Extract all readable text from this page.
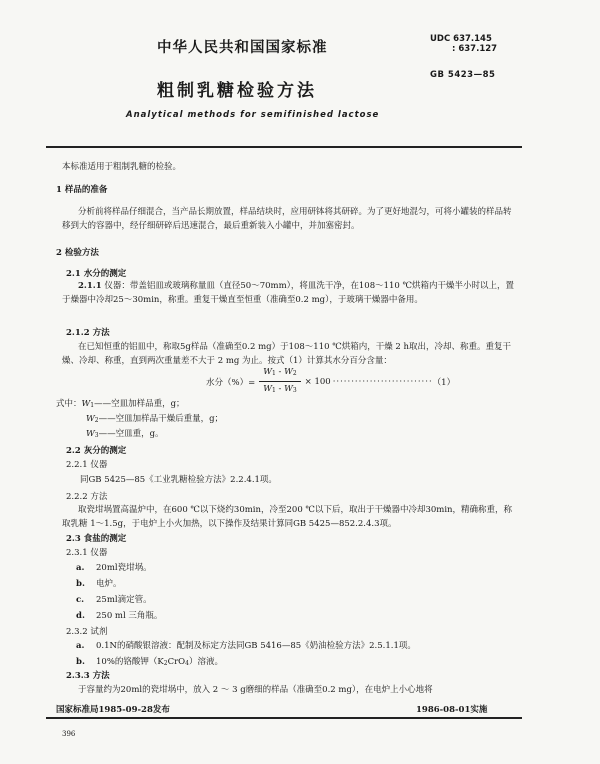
中华人民共和国国家标准	UDC 637.145
: 637.127
粗制乳糖检验方法
GB 5423—85
Analytical methods for semifinished lactose
本标准适用于粗制乳糖的检验。
1 样品的准备
分析前将样品仔细混合，当产品长期放置，样品结块时，应用研钵将其研碎。为了更好地混匀，可将小罐装的样品转移到大的容器中，经仔细研碎后迅速混合，最后重新装入小罐中，并加塞密封。
2 检验方法
2.1 水分的测定
2.1.1 仪器：带盖铝皿或玻璃称量皿（直径50～70mm），将皿洗干净，在108～110 ℃烘箱内干燥半小时以上，置于燥器中冷却25～30min，称重。重复干燥直至恒重（准确至0.2 mg），于玻璃干燥器中备用。
2.1.2 方法
在已知恒重的铝皿中，称取5g样品（准确至0.2 mg）于108～110 ℃烘箱内，干燥 2 h取出，冷却、称重。重复干燥、冷却、称重，直到两次重量差不大于 2 mg 为止。按式（1）计算其水分百分含量：
水分（%）= $\frac{W1 - W2}{W1 - W3} \times 100$ ··························· （1）
式中：W1——空皿加样品重，g；
W2——空皿加样品干燥后重量，g；
W3——空皿重，g。
2.2 灰分的测定
2.2.1 仪器
同GB 5425—85《工业乳糖检验方法》2.2.4.1项。
2.2.2 方法
取瓷坩埚置高温炉中，在600 ℃以下烧约30min，冷至200 ℃以下后，取出于干燥器中冷却30min，精确称重，称取乳糖 1～1.5g，于电炉上小火加热，以下操作及结果计算同GB 5425—852.2.4.3项。
2.3 食盐的测定
2.3.1 仪器
a. 20ml瓷坩埚。
b. 电炉。
c. 25ml滴定管。
d. 250 ml 三角瓶。
2.3.2 试剂
a. 0.1N的硝酸银溶液：配制及标定方法同GB 5416—85《奶油检验方法》2.5.1.1项。
b. 10%的铬酸钾（K2CrO4）溶液。
2.3.3 方法
于容量约为20ml的瓷坩埚中，放入 2 ～ 3 g磨细的样品（准确至0.2 mg），在电炉上小心地将
国家标准局1985-09-28发布	1986-08-01实施
396
